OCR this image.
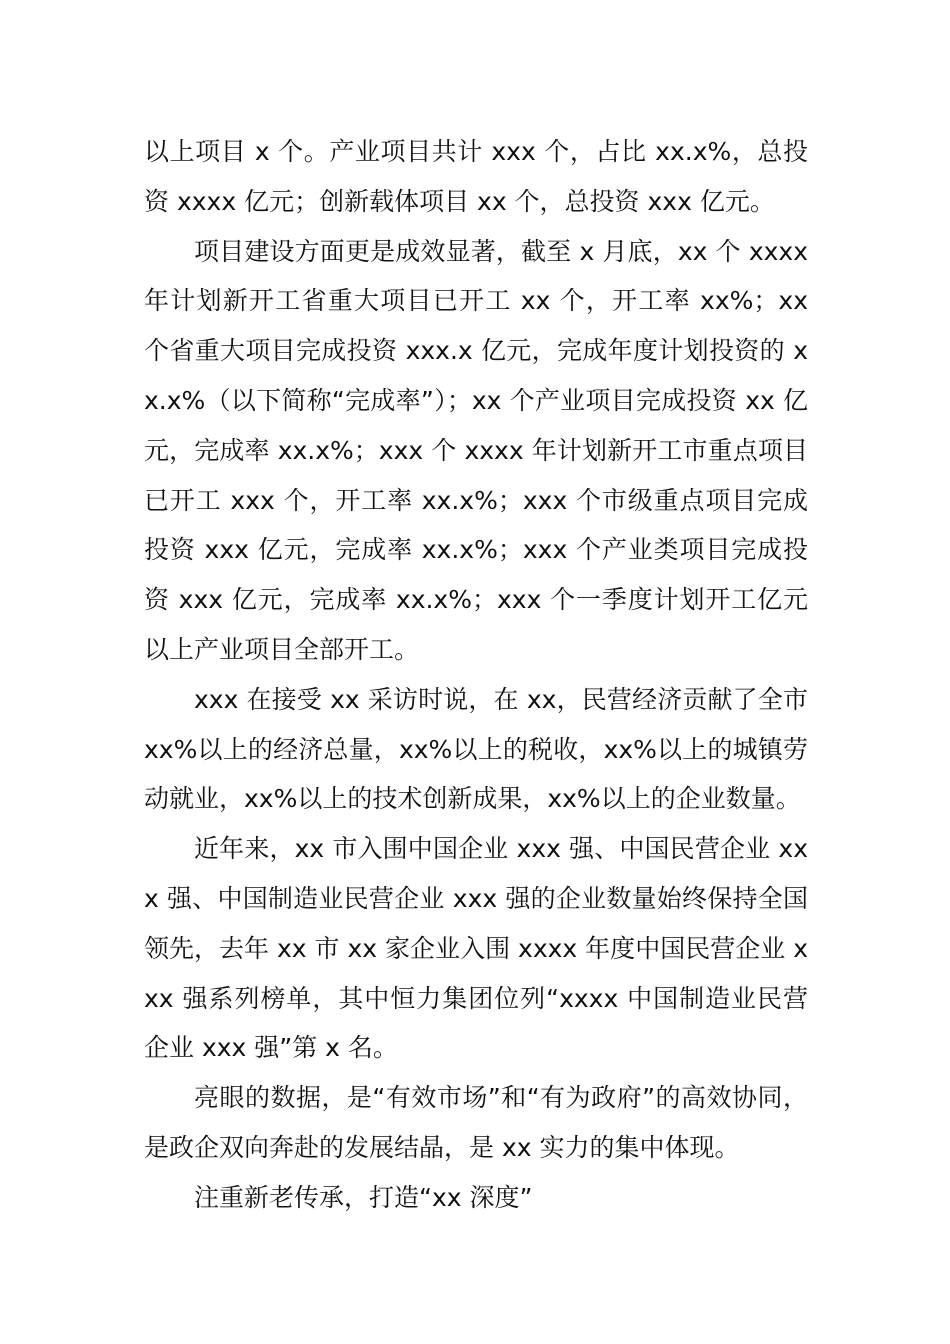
以上项目 x 个。产业项目共计 xxx 个，占比 xx.x%，总投资 xxxx 亿元；创新载体项目 xx 个，总投资 xxx 亿元。

项目建设方面更是成效显著，截至 x 月底，xx 个 xxxx 年计划新开工省重大项目已开工 xx 个，开工率 xx%；xx 个省重大项目完成投资 xxx.x 亿元，完成年度计划投资的 xx.x%（以下简称“完成率”）；xx 个产业项目完成投资 xx 亿元，完成率 xx.x%；xxx 个 xxxx 年计划新开工市重点项目已开工 xxx 个，开工率 xx.x%；xxx 个市级重点项目完成投资 xxx 亿元，完成率 xx.x%；xxx 个产业类项目完成投资 xxx 亿元，完成率 xx.x%；xxx 个一季度计划开工亿元以上产业项目全部开工。

xxx 在接受 xx 采访时说，在 xx，民营经济贡献了全市 xx%以上的经济总量，xx%以上的税收，xx%以上的城镇劳动就业，xx%以上的技术创新成果，xx%以上的企业数量。

近年来，xx 市入围中国企业 xxx 强、中国民营企业 xxx 强、中国制造业民营企业 xxx 强的企业数量始终保持全国领先，去年 xx 市 xx 家企业入围 xxxx 年度中国民营企业 xxx 强系列榜单，其中恒力集团位列“xxxx 中国制造业民营企业 xxx 强”第 x 名。

亮眼的数据，是“有效市场”和“有为政府”的高效协同，是政企双向奔赴的发展结晶，是 xx 实力的集中体现。

注重新老传承，打造“xx 深度”
